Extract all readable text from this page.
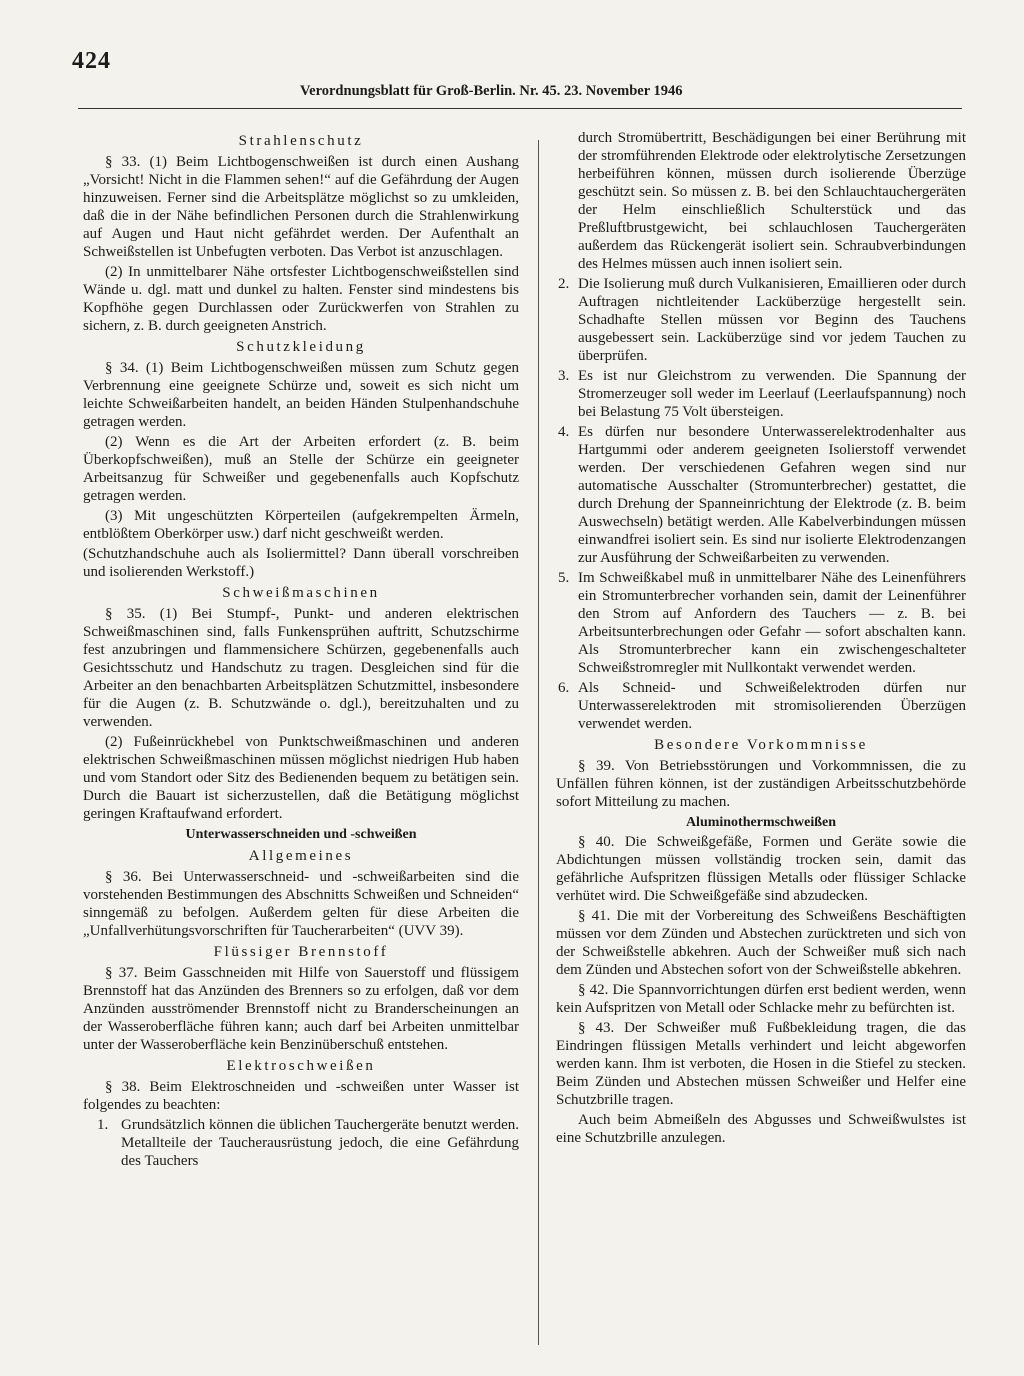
424
Verordnungsblatt für Groß-Berlin. Nr. 45. 23. November 1946
Strahlenschutz

§ 33. (1) Beim Lichtbogenschweißen ist durch einen Aushang „Vorsicht! Nicht in die Flammen sehen!“ auf die Gefährdung der Augen hinzuweisen. Ferner sind die Arbeitsplätze möglichst so zu umkleiden, daß die in der Nähe befindlichen Personen durch die Strahlenwirkung auf Augen und Haut nicht gefährdet werden. Der Aufenthalt an Schweißstellen ist Unbefugten verboten. Das Verbot ist anzuschlagen.

(2) In unmittelbarer Nähe ortsfester Lichtbogenschweißstellen sind Wände u. dgl. matt und dunkel zu halten. Fenster sind mindestens bis Kopfhöhe gegen Durchlassen oder Zurückwerfen von Strahlen zu sichern, z. B. durch geeigneten Anstrich.

Schutzkleidung

§ 34. (1) Beim Lichtbogenschweißen müssen zum Schutz gegen Verbrennung eine geeignete Schürze und, soweit es sich nicht um leichte Schweißarbeiten handelt, an beiden Händen Stulpenhandschuhe getragen werden.

(2) Wenn es die Art der Arbeiten erfordert (z. B. beim Überkopfschweißen), muß an Stelle der Schürze ein geeigneter Arbeitsanzug für Schweißer und gegebenenfalls auch Kopfschutz getragen werden.

(3) Mit ungeschützten Körperteilen (aufgekrempelten Ärmeln, entblößtem Oberkörper usw.) darf nicht geschweißt werden.

(Schutzhandschuhe auch als Isoliermittel? Dann überall vorschreiben und isolierenden Werkstoff.)

Schweißmaschinen

§ 35. (1) Bei Stumpf-, Punkt- und anderen elektrischen Schweißmaschinen sind, falls Funkensprühen auftritt, Schutzschirme fest anzubringen und flammensichere Schürzen, gegebenenfalls auch Gesichtsschutz und Handschutz zu tragen. Desgleichen sind für die Arbeiter an den benachbarten Arbeitsplätzen Schutzmittel, insbesondere für die Augen (z. B. Schutzwände o. dgl.), bereitzuhalten und zu verwenden.

(2) Fußeinrückhebel von Punktschweißmaschinen und anderen elektrischen Schweißmaschinen müssen möglichst niedrigen Hub haben und vom Standort oder Sitz des Bedienenden bequem zu betätigen sein. Durch die Bauart ist sicherzustellen, daß die Betätigung möglichst geringen Kraftaufwand erfordert.

Unterwasserschneiden und -schweißen
Allgemeines

§ 36. Bei Unterwasserschneid- und -schweißarbeiten sind die vorstehenden Bestimmungen des Abschnitts Schweißen und Schneiden“ sinngemäß zu befolgen. Außerdem gelten für diese Arbeiten die „Unfallverhütungsvorschriften für Taucherarbeiten“ (UVV 39).

Flüssiger Brennstoff

§ 37. Beim Gasschneiden mit Hilfe von Sauerstoff und flüssigem Brennstoff hat das Anzünden des Brenners so zu erfolgen, daß vor dem Anzünden ausströmender Brennstoff nicht zu Branderscheinungen an der Wasseroberfläche führen kann; auch darf bei Arbeiten unmittelbar unter der Wasseroberfläche kein Benzinüberschuß entstehen.

Elektroschweißen

§ 38. Beim Elektroschneiden und -schweißen unter Wasser ist folgendes zu beachten:

1. Grundsätzlich können die üblichen Tauchergeräte benutzt werden. Metallteile der Taucherausrüstung jedoch, die eine Gefährdung des Tauchers
durch Stromübertritt, Beschädigungen bei einer Berührung mit der stromführenden Elektrode oder elektrolytische Zersetzungen herbeiführen können, müssen durch isolierende Überzüge geschützt sein. So müssen z. B. bei den Schlauchtauchergeräten der Helm einschließlich Schulterstück und das Preßluftbrustgewicht, bei schlauchlosen Tauchergeräten außerdem das Rückengerät isoliert sein. Schraubverbindungen des Helmes müssen auch innen isoliert sein.
2. Die Isolierung muß durch Vulkanisieren, Emaillieren oder durch Auftragen nichtleitender Lacküberzüge hergestellt sein. Schadhafte Stellen müssen vor Beginn des Tauchens ausgebessert sein. Lacküberzüge sind vor jedem Tauchen zu überprüfen.
3. Es ist nur Gleichstrom zu verwenden. Die Spannung der Stromerzeuger soll weder im Leerlauf (Leerlaufspannung) noch bei Belastung 75 Volt übersteigen.
4. Es dürfen nur besondere Unterwasserelektrodenhalter aus Hartgummi oder anderem geeigneten Isolierstoff verwendet werden. Der verschiedenen Gefahren wegen sind nur automatische Ausschalter (Stromunterbrecher) gestattet, die durch Drehung der Spanneinrichtung der Elektrode (z. B. beim Auswechseln) betätigt werden. Alle Kabelverbindungen müssen einwandfrei isoliert sein. Es sind nur isolierte Elektrodenzangen zur Ausführung der Schweißarbeiten zu verwenden.
5. Im Schweißkabel muß in unmittelbarer Nähe des Leinenführers ein Stromunterbrecher vorhanden sein, damit der Leinenführer den Strom auf Anfordern des Tauchers — z. B. bei Arbeitsunterbrechungen oder Gefahr — sofort abschalten kann. Als Stromunterbrecher kann ein zwischengeschalteter Schweißstromregler mit Nullkontakt verwendet werden.
6. Als Schneid- und Schweißelektroden dürfen nur Unterwasserelektroden mit stromisolierenden Überzügen verwendet werden.
Besondere Vorkommnisse

§ 39. Von Betriebsstörungen und Vorkommnissen, die zu Unfällen führen können, ist der zuständigen Arbeitsschutzbehörde sofort Mitteilung zu machen.

Aluminothermschweißen

§ 40. Die Schweißgefäße, Formen und Geräte sowie die Abdichtungen müssen vollständig trocken sein, damit das gefährliche Aufspritzen flüssigen Metalls oder flüssiger Schlacke verhütet wird. Die Schweißgefäße sind abzudecken.

§ 41. Die mit der Vorbereitung des Schweißens Beschäftigten müssen vor dem Zünden und Abstechen zurücktreten und sich von der Schweißstelle abkehren. Auch der Schweißer muß sich nach dem Zünden und Abstechen sofort von der Schweißstelle abkehren.

§ 42. Die Spannvorrichtungen dürfen erst bedient werden, wenn kein Aufspritzen von Metall oder Schlacke mehr zu befürchten ist.

§ 43. Der Schweißer muß Fußbekleidung tragen, die das Eindringen flüssigen Metalls verhindert und leicht abgeworfen werden kann. Ihm ist verboten, die Hosen in die Stiefel zu stecken. Beim Zünden und Abstechen müssen Schweißer und Helfer eine Schutzbrille tragen.

Auch beim Abmeißeln des Abgusses und Schweißwulstes ist eine Schutzbrille anzulegen.
